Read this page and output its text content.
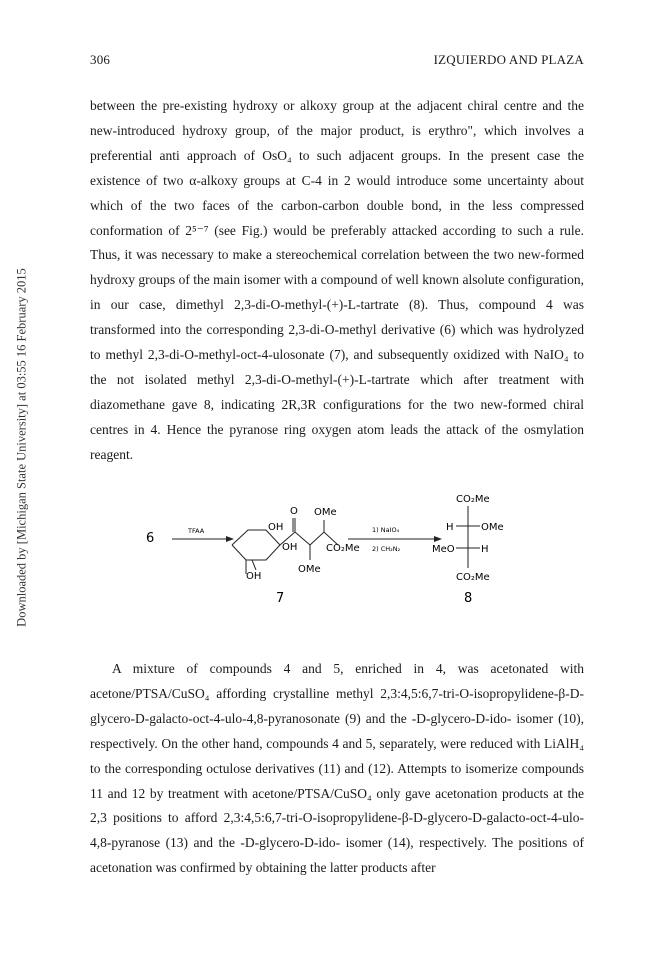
Downloaded by [Michigan State University] at 03:55 16 February 2015
306	IZQUIERDO AND PLAZA

between the pre-existing hydroxy or alkoxy group at the adjacent chiral centre and the new-introduced hydroxy group, of the major product, is erythro", which involves a preferential anti approach of OsO₄ to such adjacent groups. In the present case the existence of two α-alkoxy groups at C-4 in 2 would introduce some uncertainty about which of the two faces of the carbon-carbon double bond, in the less compressed conformation of 2⁵⁻⁷ (see Fig.) would be preferably attacked according to such a rule. Thus, it was necessary to make a stereochemical correlation between the two new-formed hydroxy groups of the main isomer with a compound of well known alsolute configuration, in our case, dimethyl 2,3-di-O-methyl-(+)-L-tartrate (8). Thus, compound 4 was transformed into the corresponding 2,3-di-O-methyl derivative (6) which was hydrolyzed to methyl 2,3-di-O-methyl-oct-4-ulosonate (7), and subsequently oxidized with NaIO₄ to the not isolated methyl 2,3-di-O-methyl-(+)-L-tartrate which after treatment with diazomethane gave 8, indicating 2R,3R configurations for the two new-formed chiral centres in 4. Hence the pyranose ring oxygen atom leads the attack of the osmylation reagent.

6	TFAA
O OMe
OH
OH	CO₂Me
OH
OMe
7
1) NaIO₄
2) CH₂N₂
CO₂Me
H	OMe
MeO	H
CO₂Me
8

A mixture of compounds 4 and 5, enriched in 4, was acetonated with acetone/PTSA/CuSO₄ affording crystalline methyl 2,3:4,5:6,7-tri-O-isopropylidene-β-D-glycero-D-galacto-oct-4-ulo-4,8-pyranosonate (9) and the -D-glycero-D-ido- isomer (10), respectively. On the other hand, compounds 4 and 5, separately, were reduced with LiAlH₄ to the corresponding octulose derivatives (11) and (12). Attempts to isomerize compounds 11 and 12 by treatment with acetone/PTSA/CuSO₄ only gave acetonation products at the 2,3 positions to afford 2,3:4,5:6,7-tri-O-isopropylidene-β-D-glycero-D-galacto-oct-4-ulo-4,8-pyranose (13) and the -D-glycero-D-ido- isomer (14), respectively. The positions of acetonation was confirmed by obtaining the latter products after
